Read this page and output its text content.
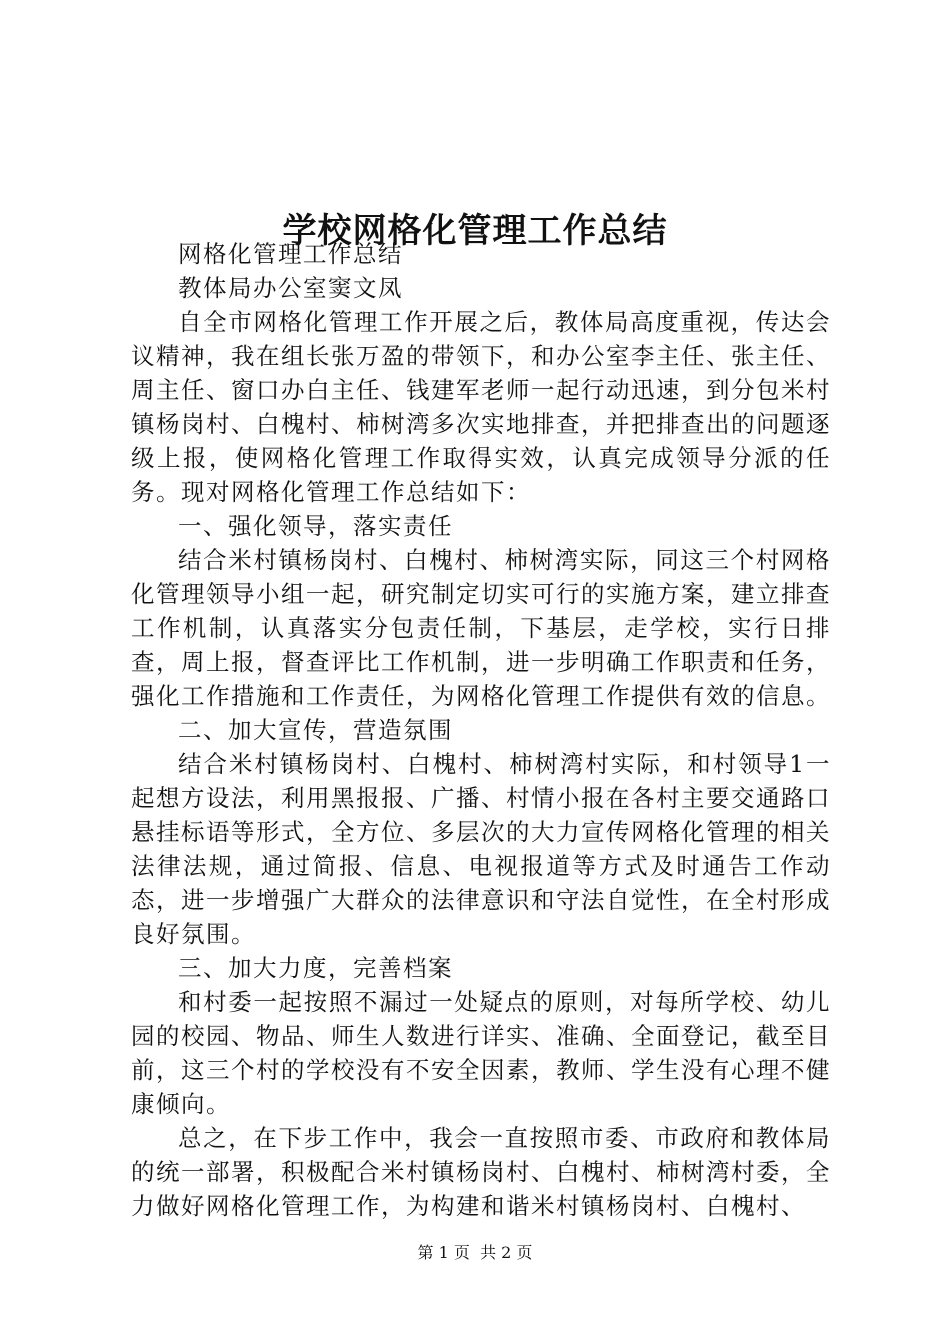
学校网格化管理工作总结

网格化管理工作总结

教体局办公室窦文凤

自全市网格化管理工作开展之后，教体局高度重视，传达会议精神，我在组长张万盈的带领下，和办公室李主任、张主任、周主任、窗口办白主任、钱建军老师一起行动迅速，到分包米村镇杨岗村、白槐村、柿树湾多次实地排查，并把排查出的问题逐级上报，使网格化管理工作取得实效，认真完成领导分派的任务。现对网格化管理工作总结如下：

一、强化领导，落实责任

结合米村镇杨岗村、白槐村、柿树湾实际，同这三个村网格化管理领导小组一起，研究制定切实可行的实施方案，建立排查工作机制，认真落实分包责任制，下基层，走学校，实行日排查，周上报，督查评比工作机制，进一步明确工作职责和任务，强化工作措施和工作责任，为网格化管理工作提供有效的信息。

二、加大宣传，营造氛围

结合米村镇杨岗村、白槐村、柿树湾村实际，和村领导1一起想方设法，利用黑报报、广播、村情小报在各村主要交通路口悬挂标语等形式，全方位、多层次的大力宣传网格化管理的相关法律法规，通过简报、信息、电视报道等方式及时通告工作动态，进一步增强广大群众的法律意识和守法自觉性，在全村形成良好氛围。

三、加大力度，完善档案

和村委一起按照不漏过一处疑点的原则，对每所学校、幼儿园的校园、物品、师生人数进行详实、准确、全面登记，截至目前，这三个村的学校没有不安全因素，教师、学生没有心理不健康倾向。

总之，在下步工作中，我会一直按照市委、市政府和教体局的统一部署，积极配合米村镇杨岗村、白槐村、柿树湾村委，全力做好网格化管理工作，为构建和谐米村镇杨岗村、白槐村、

第 1 页  共 2 页
